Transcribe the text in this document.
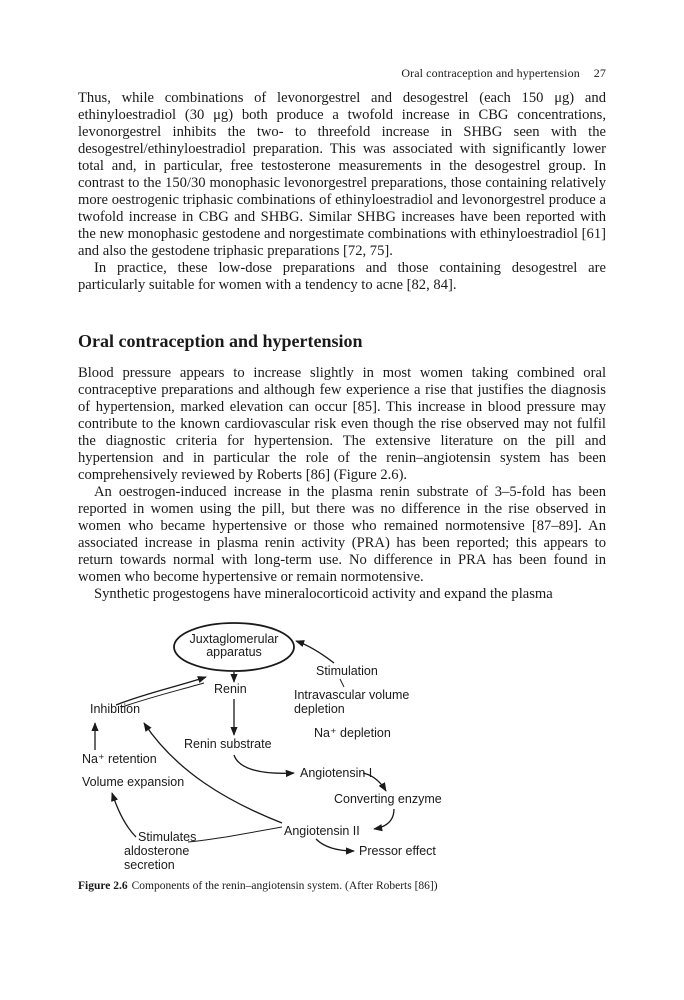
Oral contraception and hypertension 27

Thus, while combinations of levonorgestrel and desogestrel (each 150 μg) and ethinyloestradiol (30 μg) both produce a twofold increase in CBG concentrations, levonorgestrel inhibits the two- to threefold increase in SHBG seen with the desogestrel/ethinyloestradiol preparation. This was associated with significantly lower total and, in particular, free testosterone measurements in the desogestrel group. In contrast to the 150/30 monophasic levonorgestrel preparations, those containing relatively more oestrogenic triphasic combinations of ethinyloestradiol and levonorgestrel produce a twofold increase in CBG and SHBG. Similar SHBG increases have been reported with the new monophasic gestodene and norgestimate combinations with ethinyloestradiol [61] and also the gestodene triphasic preparations [72, 75].

In practice, these low-dose preparations and those containing desogestrel are particularly suitable for women with a tendency to acne [82, 84].

Oral contraception and hypertension

Blood pressure appears to increase slightly in most women taking combined oral contraceptive preparations and although few experience a rise that justifies the diagnosis of hypertension, marked elevation can occur [85]. This increase in blood pressure may contribute to the known cardiovascular risk even though the rise observed may not fulfil the diagnostic criteria for hypertension. The extensive literature on the pill and hypertension and in particular the role of the renin–angiotensin system has been comprehensively reviewed by Roberts [86] (Figure 2.6).

An oestrogen-induced increase in the plasma renin substrate of 3–5-fold has been reported in women using the pill, but there was no difference in the rise observed in women who became hypertensive or those who remained normotensive [87–89]. An associated increase in plasma renin activity (PRA) has been reported; this appears to return towards normal with long-term use. No difference in PRA has been found in women who become hypertensive or remain normotensive.

Synthetic progestogens have mineralocorticoid activity and expand the plasma

Juxtaglomerular
apparatus
Stimulation
Renin	Intravascular volume
depletion
Inhibition
Na⁺ depletion
Renin substrate
Na⁺ retention
Angiotensin I
Volume expansion
Converting enzyme
Angiotensin II
Stimulates
aldosterone
secretion
Pressor effect
Figure 2.6 Components of the renin–angiotensin system. (After Roberts [86])
